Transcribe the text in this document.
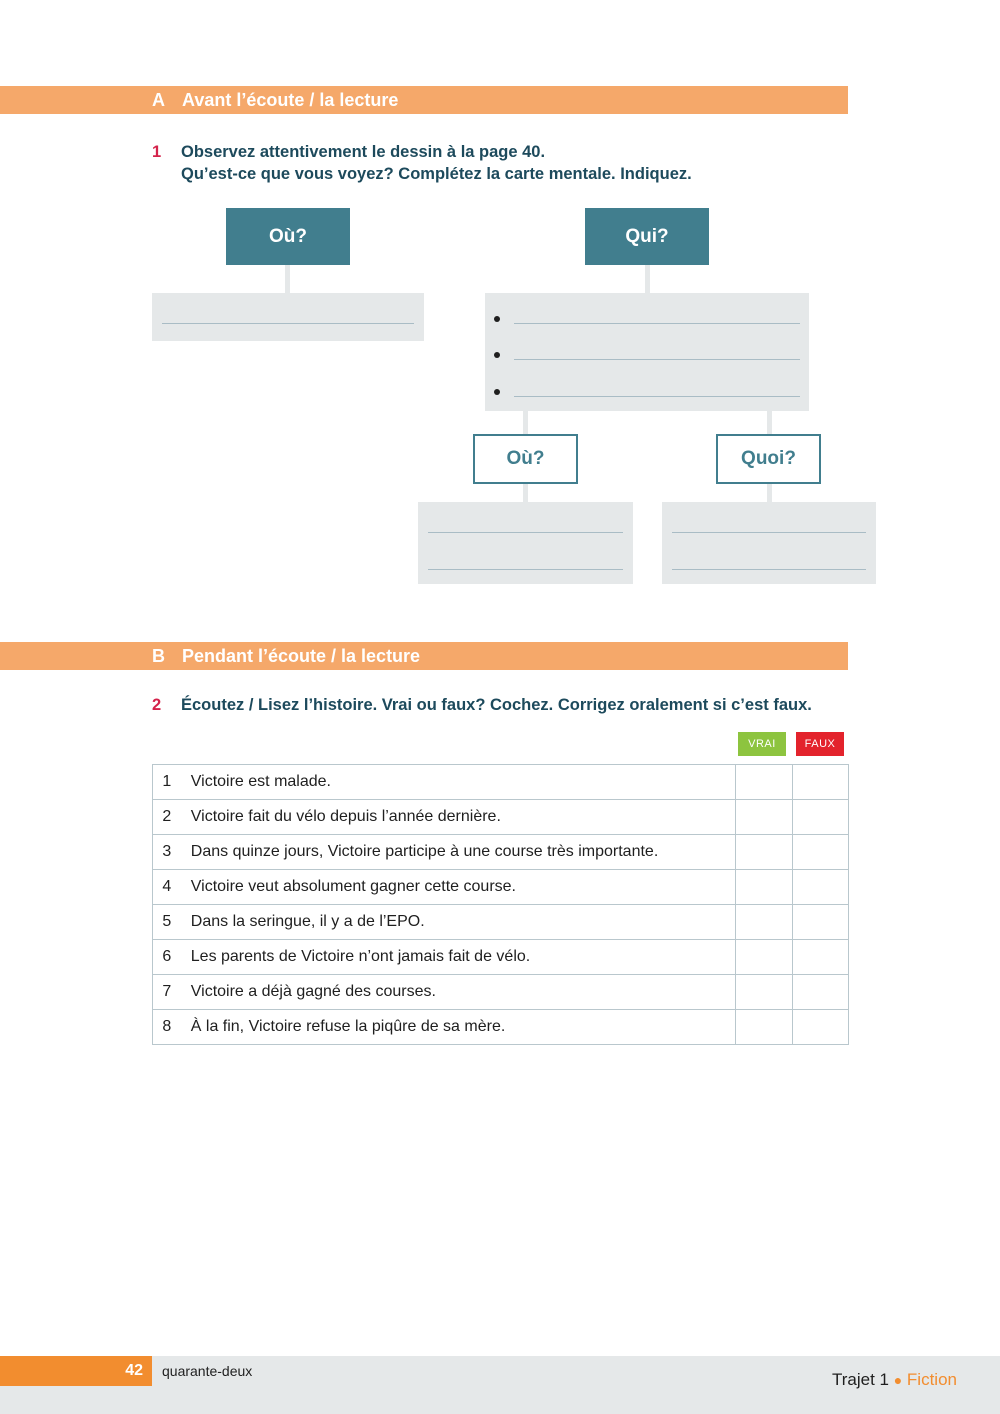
A Avant l’écoute / la lecture
1 Observez attentivement le dessin à la page 40.
Qu’est-ce que vous voyez? Complétez la carte mentale. Indiquez.
Où?	Qui?
Où?	Quoi?
B Pendant l’écoute / la lecture
2 Écoutez / Lisez l’histoire. Vrai ou faux? Cochez. Corrigez oralement si c’est faux.
VRAI	FAUX
1	Victoire est malade.		
2	Victoire fait du vélo depuis l’année dernière.		
3	Dans quinze jours, Victoire participe à une course très importante.		
4	Victoire veut absolument gagner cette course.		
5	Dans la seringue, il y a de l’EPO.		
6	Les parents de Victoire n’ont jamais fait de vélo.		
7	Victoire a déjà gagné des courses.		
8	À la fin, Victoire refuse la piqûre de sa mère.		
42	quarante-deux	Trajet 1 ● Fiction
